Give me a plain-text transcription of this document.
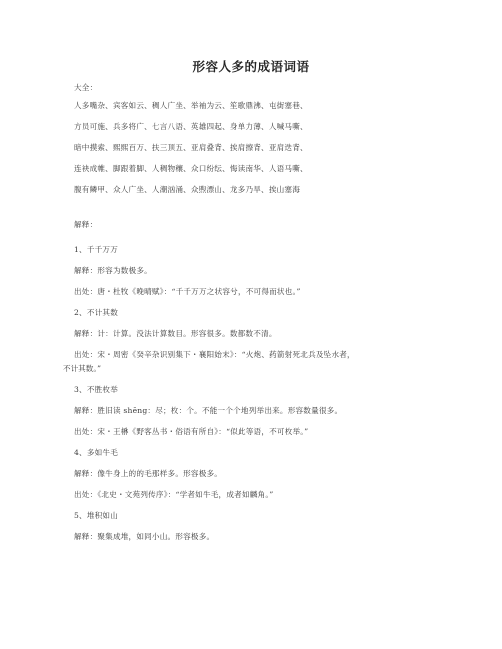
形容人多的成语词语
大全：
人多嘴杂、宾客如云、稠人广坐、举袖为云、笙歌鼎沸、屯街塞巷、
方员可施、兵多将广、七言八语、英雄四起、身单力薄、人喊马嘶、
暗中摸索、熙熙百万、扶三顶五、亚肩叠背、挨肩擦背、亚肩迭背、
连袂成帷、脚跟着脚、人稠物穰、众口纷纭、悔读南华、人语马嘶、
腹有鳞甲、众人广坐、人潮汹涌、众煦漂山、龙多乃旱、挨山塞海
解释：
1、千千万万
解释：形容为数极多。
出处：唐・杜牧《晚晴赋》：“千千万万之状容兮，不可得而状也。”
2、不计其数
解释：计：计算。没法计算数目。形容很多。数都数不清。
出处：宋・周密《癸辛杂识别集下・襄阳始末》：“火炮、药箭射死北兵及坠水者，
不计其数。”
3、不胜枚举
解释：胜旧读 shēng：尽；枚：个。不能一个个地列举出来。形容数量很多。
出处：宋・王楙《野客丛书・俗语有所自》：“似此等语，不可枚举。”
4、多如牛毛
解释：像牛身上的的毛那样多。形容极多。
出处：《北史・文苑列传序》：“学者如牛毛，成者如麟角。”
5、堆积如山
解释：聚集成堆，如同小山。形容极多。
